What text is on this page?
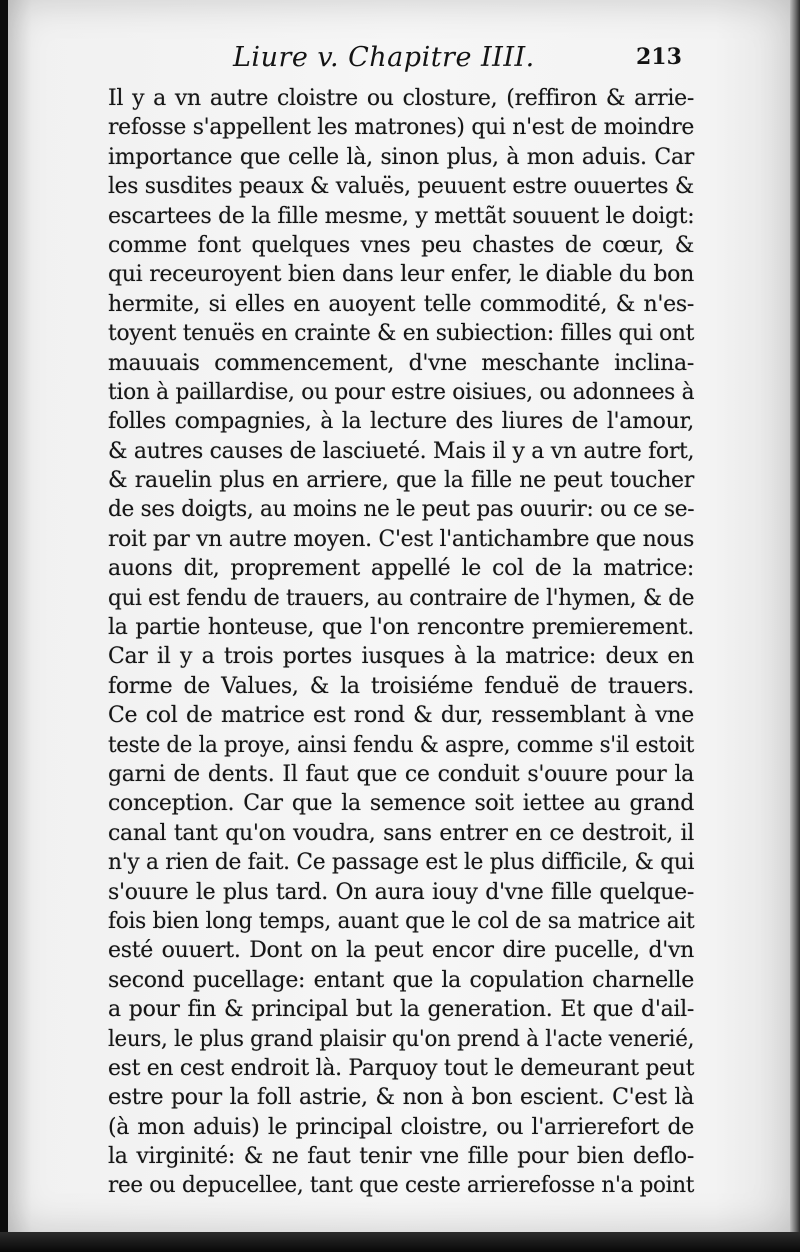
Liure v. Chapitre IIII.	213
Il y a vn autre cloistre ou closture, (reffiron & arrie-
refosse s'appellent les matrones) qui n'est de moindre
importance que celle là, sinon plus, à mon aduis. Car
les susdites peaux & valuës, peuuent estre ouuertes &
escartees de la fille mesme, y mettãt souuent le doigt:
comme font quelques vnes peu chastes de cœur, &
qui receuroyent bien dans leur enfer, le diable du bon
hermite, si elles en auoyent telle commodité, & n'es-
toyent tenuës en crainte & en subiection: filles qui ont
mauuais commencement, d'vne meschante inclina-
tion à paillardise, ou pour estre oisiues, ou adonnees à
folles compagnies, à la lecture des liures de l'amour,
& autres causes de lasciueté. Mais il y a vn autre fort,
& rauelin plus en arriere, que la fille ne peut toucher
de ses doigts, au moins ne le peut pas ouurir: ou ce se-
roit par vn autre moyen. C'est l'antichambre que nous
auons dit, proprement appellé le col de la matrice:
qui est fendu de trauers, au contraire de l'hymen, & de
la partie honteuse, que l'on rencontre premierement.
Car il y a trois portes iusques à la matrice: deux en
forme de Values, & la troisiéme fenduë de trauers.
Ce col de matrice est rond & dur, ressemblant à vne
teste de la proye, ainsi fendu & aspre, comme s'il estoit
garni de dents. Il faut que ce conduit s'ouure pour la
conception. Car que la semence soit iettee au grand
canal tant qu'on voudra, sans entrer en ce destroit, il
n'y a rien de fait. Ce passage est le plus difficile, & qui
s'ouure le plus tard. On aura iouy d'vne fille quelque-
fois bien long temps, auant que le col de sa matrice ait
esté ouuert. Dont on la peut encor dire pucelle, d'vn
second pucellage: entant que la copulation charnelle
a pour fin & principal but la generation. Et que d'ail-
leurs, le plus grand plaisir qu'on prend à l'acte venerié,
est en cest endroit là. Parquoy tout le demeurant peut
estre pour la foll astrie, & non à bon escient. C'est là
(à mon aduis) le principal cloistre, ou l'arrierefort de
la virginité: & ne faut tenir vne fille pour bien deflo-
ree ou depucellee, tant que ceste arrierefosse n'a point
